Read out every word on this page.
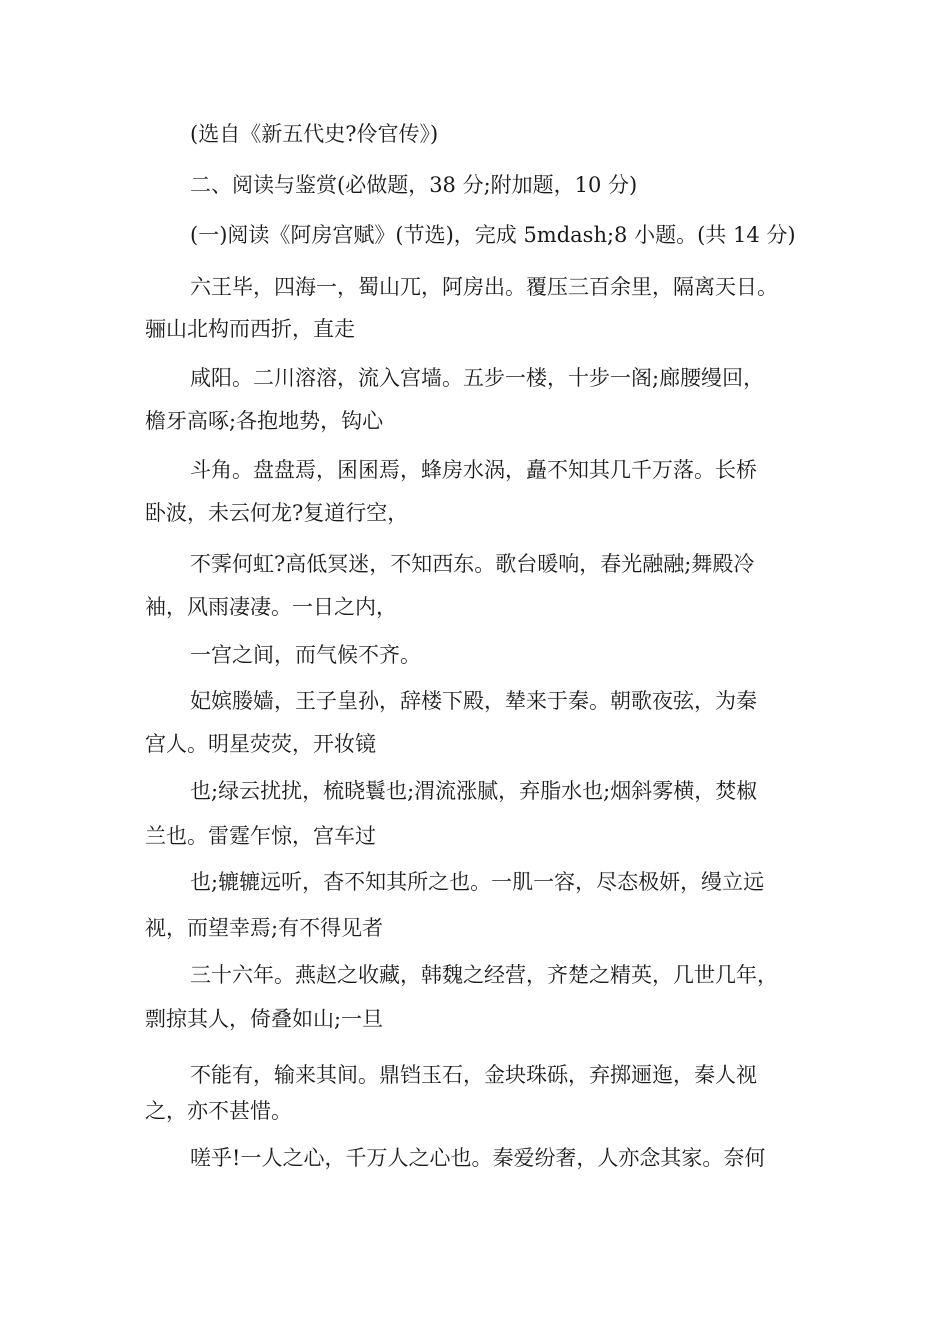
(选自《新五代史?伶官传》)
二、阅读与鉴赏(必做题，38 分;附加题，10 分)
(一)阅读《阿房宫赋》(节选)，完成 5mdash;8 小题。(共 14 分)
六王毕，四海一，蜀山兀，阿房出。覆压三百余里，隔离天日。
骊山北构而西折，直走
咸阳。二川溶溶，流入宫墙。五步一楼，十步一阁;廊腰缦回，
檐牙高啄;各抱地势，钩心
斗角。盘盘焉，囷囷焉，蜂房水涡，矗不知其几千万落。长桥
卧波，未云何龙?复道行空，
不霁何虹?高低冥迷，不知西东。歌台暖响，春光融融;舞殿冷
袖，风雨凄凄。一日之内，
一宫之间，而气候不齐。
妃嫔媵嫱，王子皇孙，辞楼下殿，辇来于秦。朝歌夜弦，为秦
宫人。明星荧荧，开妆镜
也;绿云扰扰，梳晓鬟也;渭流涨腻，弃脂水也;烟斜雾横，焚椒
兰也。雷霆乍惊，宫车过
也;辘辘远听，杳不知其所之也。一肌一容，尽态极妍，缦立远
视，而望幸焉;有不得见者
三十六年。燕赵之收藏，韩魏之经营，齐楚之精英，几世几年，
剽掠其人，倚叠如山;一旦
不能有，输来其间。鼎铛玉石，金块珠砾，弃掷逦迤，秦人视
之，亦不甚惜。
嗟乎!一人之心，千万人之心也。秦爱纷奢，人亦念其家。奈何
